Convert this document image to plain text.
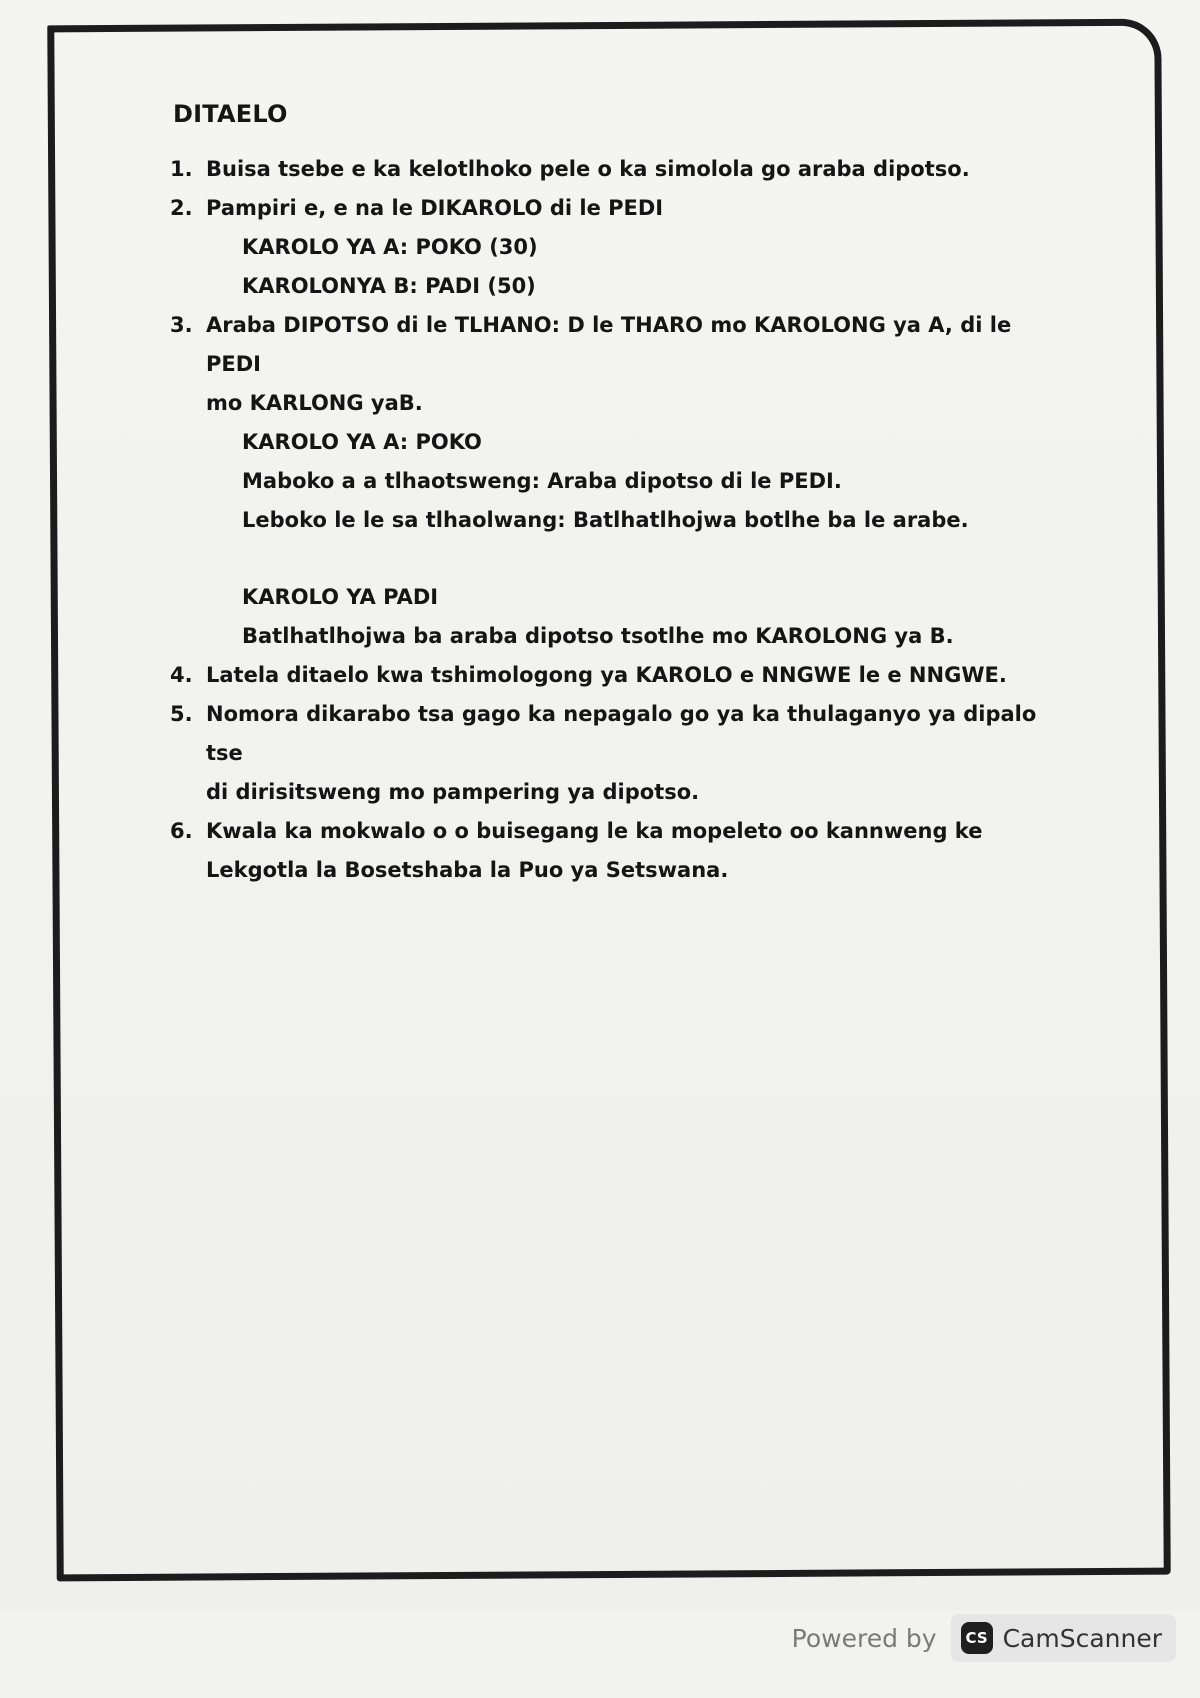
DITAELO
1. Buisa tsebe e ka kelotlhoko pele o ka simolola go araba dipotso.
2. Pampiri e, e na le DIKAROLO di le PEDI
KAROLO YA A: POKO (30)
KAROLONYA B: PADI (50)
3. Araba DIPOTSO di le TLHANO: D le THARO mo KAROLONG ya A, di le PEDI
mo KARLONG yaB.
KAROLO YA A: POKO
Maboko a a tlhaotsweng: Araba dipotso di le PEDI.
Leboko le le sa tlhaolwang: Batlhatlhojwa botlhe ba le arabe.
KAROLO YA PADI
Batlhatlhojwa ba araba dipotso tsotlhe mo KAROLONG ya B.
4. Latela ditaelo kwa tshimologong ya KAROLO e NNGWE le e NNGWE.
5. Nomora dikarabo tsa gago ka nepagalo go ya ka thulaganyo ya dipalo tse
di dirisitsweng mo pampering ya dipotso.
6. Kwala ka mokwalo o o buisegang le ka mopeleto oo kannweng ke
Lekgotla la Bosetshaba la Puo ya Setswana.
Powered by	CS CamScanner
